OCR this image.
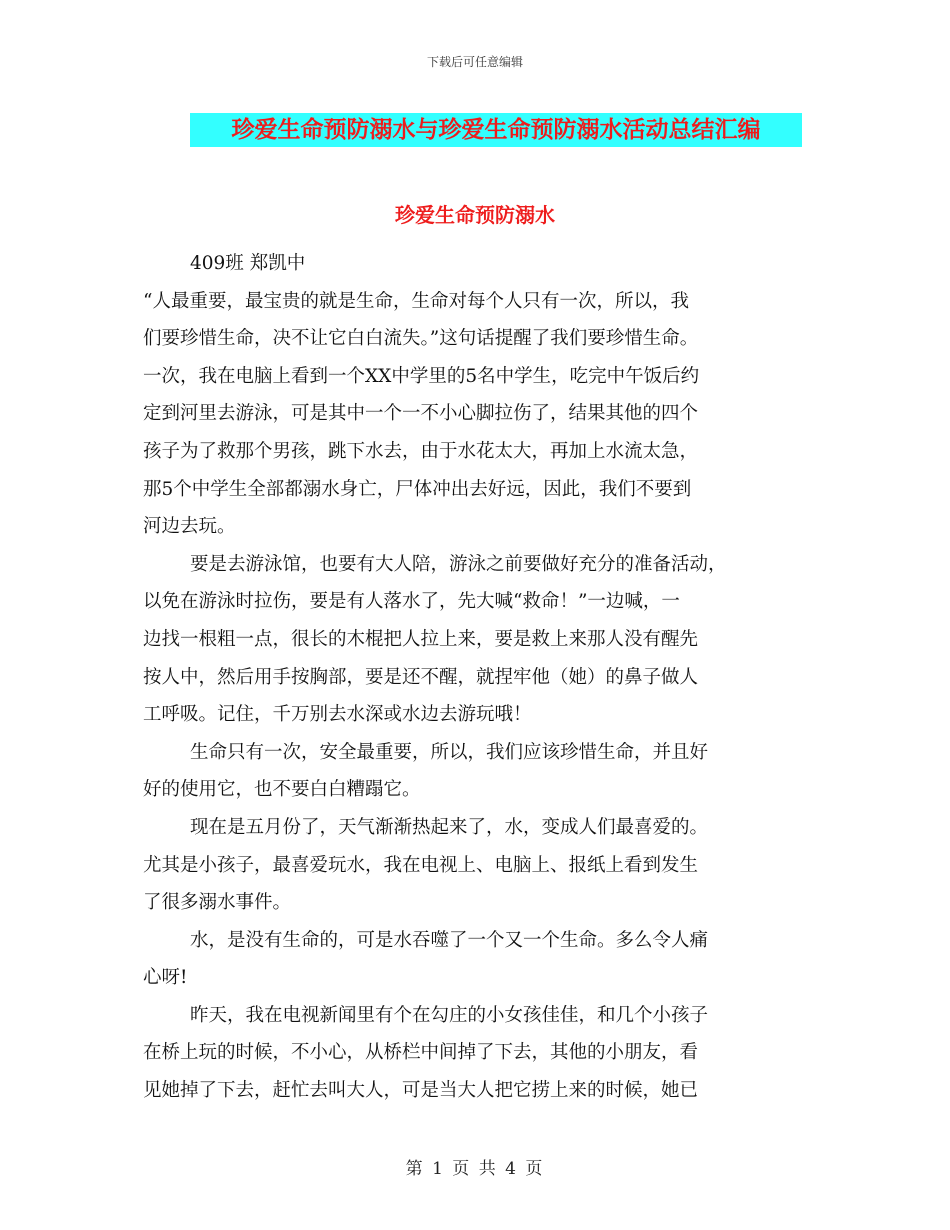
下载后可任意编辑
珍爱生命预防溺水与珍爱生命预防溺水活动总结汇编
珍爱生命预防溺水
409班 郑凯中
“人最重要，最宝贵的就是生命，生命对每个人只有一次，所以，我
们要珍惜生命，决不让它白白流失。”这句话提醒了我们要珍惜生命。
一次，我在电脑上看到一个XX中学里的5名中学生，吃完中午饭后约
定到河里去游泳，可是其中一个一不小心脚拉伤了，结果其他的四个
孩子为了救那个男孩，跳下水去，由于水花太大，再加上水流太急，
那5个中学生全部都溺水身亡，尸体冲出去好远，因此，我们不要到
河边去玩。
要是去游泳馆，也要有大人陪，游泳之前要做好充分的准备活动，
以免在游泳时拉伤，要是有人落水了，先大喊“救命！”一边喊，一
边找一根粗一点，很长的木棍把人拉上来，要是救上来那人没有醒先
按人中，然后用手按胸部，要是还不醒，就捏牢他（她）的鼻子做人
工呼吸。记住，千万别去水深或水边去游玩哦！
生命只有一次，安全最重要，所以，我们应该珍惜生命，并且好
好的使用它，也不要白白糟蹋它。
现在是五月份了，天气渐渐热起来了，水，变成人们最喜爱的。
尤其是小孩子，最喜爱玩水，我在电视上、电脑上、报纸上看到发生
了很多溺水事件。
水，是没有生命的，可是水吞噬了一个又一个生命。多么令人痛
心呀!
昨天，我在电视新闻里有个在勾庄的小女孩佳佳，和几个小孩子
在桥上玩的时候，不小心，从桥栏中间掉了下去，其他的小朋友，看
见她掉了下去，赶忙去叫大人，可是当大人把它捞上来的时候，她已
第 1 页 共 4 页
